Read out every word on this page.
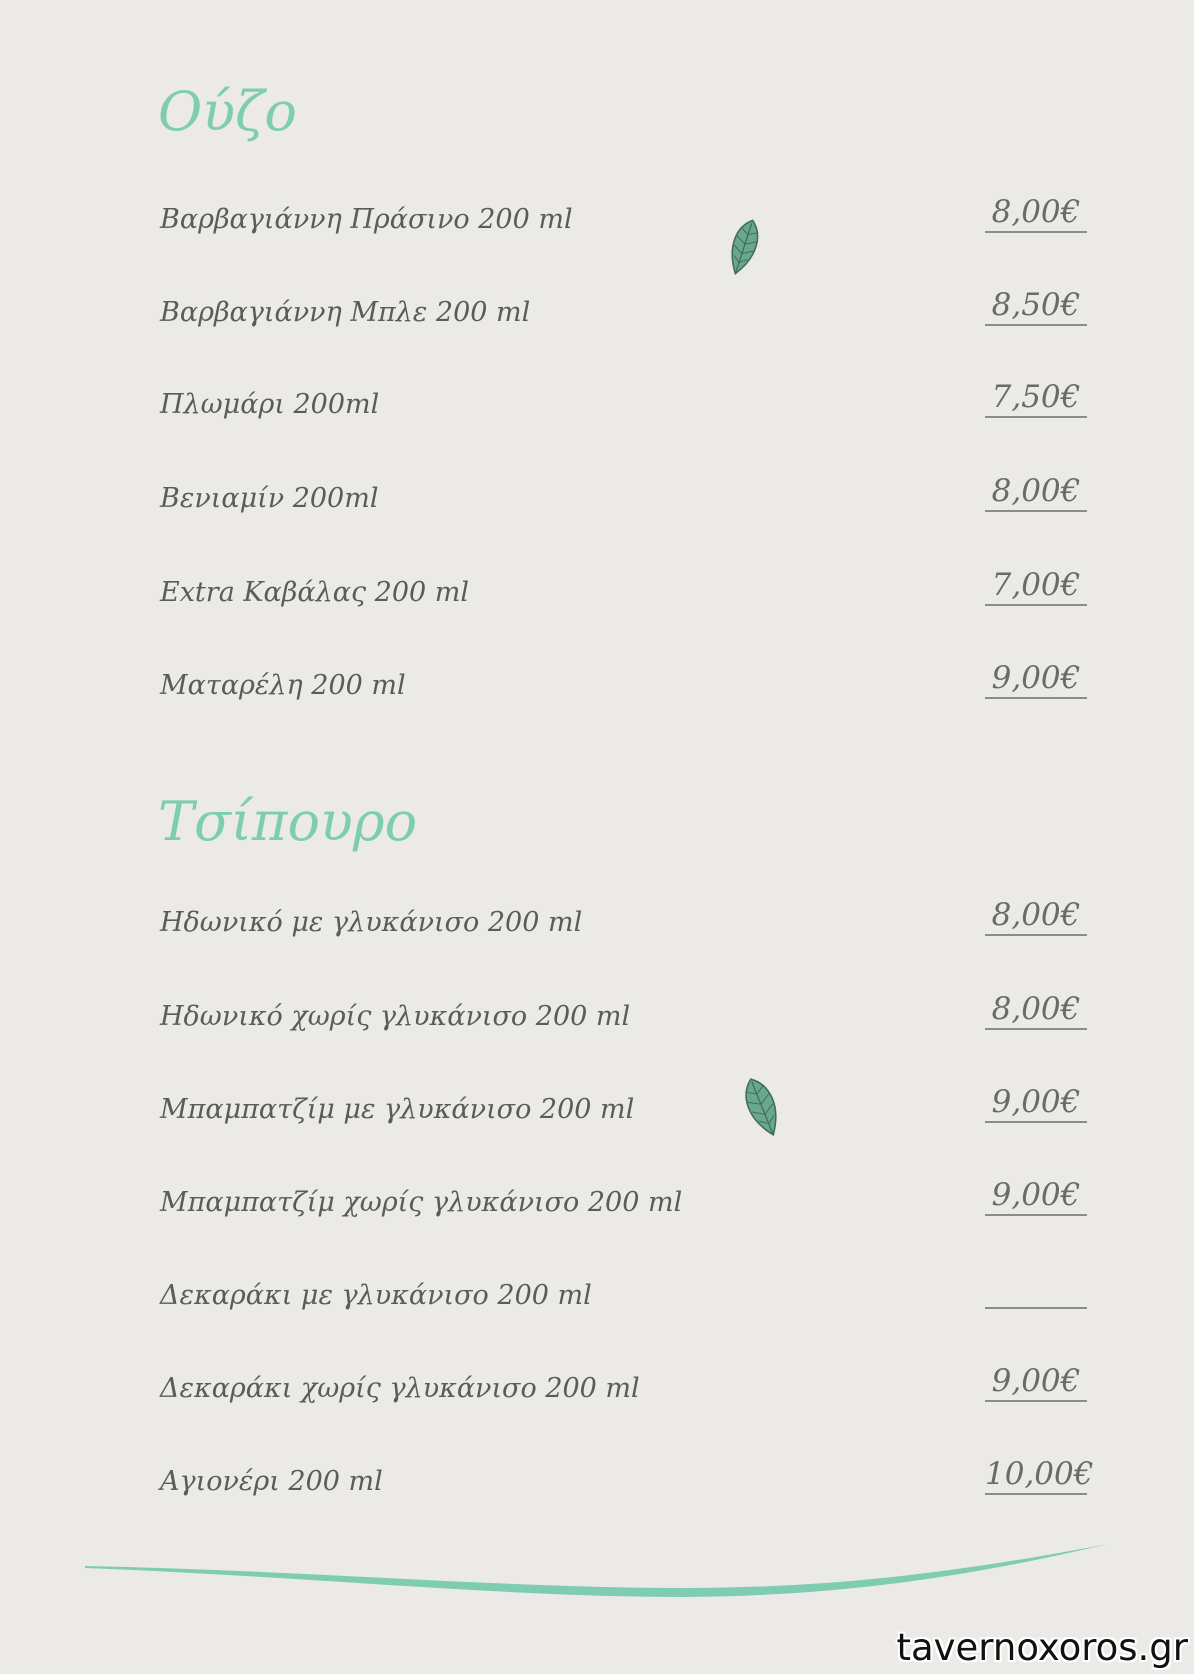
Ούζο
Βαρβαγιάννη Πράσινο 200 ml	8,00€
Βαρβαγιάννη Μπλε 200 ml	8,50€
Πλωμάρι 200ml	7,50€
Βενιαμίν 200ml	8,00€
Extra Καβάλας 200 ml	7,00€
Ματαρέλη 200 ml	9,00€
Τσίπουρο
Ηδωνικό με γλυκάνισο 200 ml	8,00€
Ηδωνικό χωρίς γλυκάνισο 200 ml	8,00€
Μπαμπατζίμ με γλυκάνισο 200 ml	9,00€
Μπαμπατζίμ χωρίς γλυκάνισο 200 ml	9,00€
Δεκαράκι με γλυκάνισο 200 ml
Δεκαράκι χωρίς γλυκάνισο 200 ml	9,00€
Αγιονέρι 200 ml	10,00€
tavernoxoros.gr
